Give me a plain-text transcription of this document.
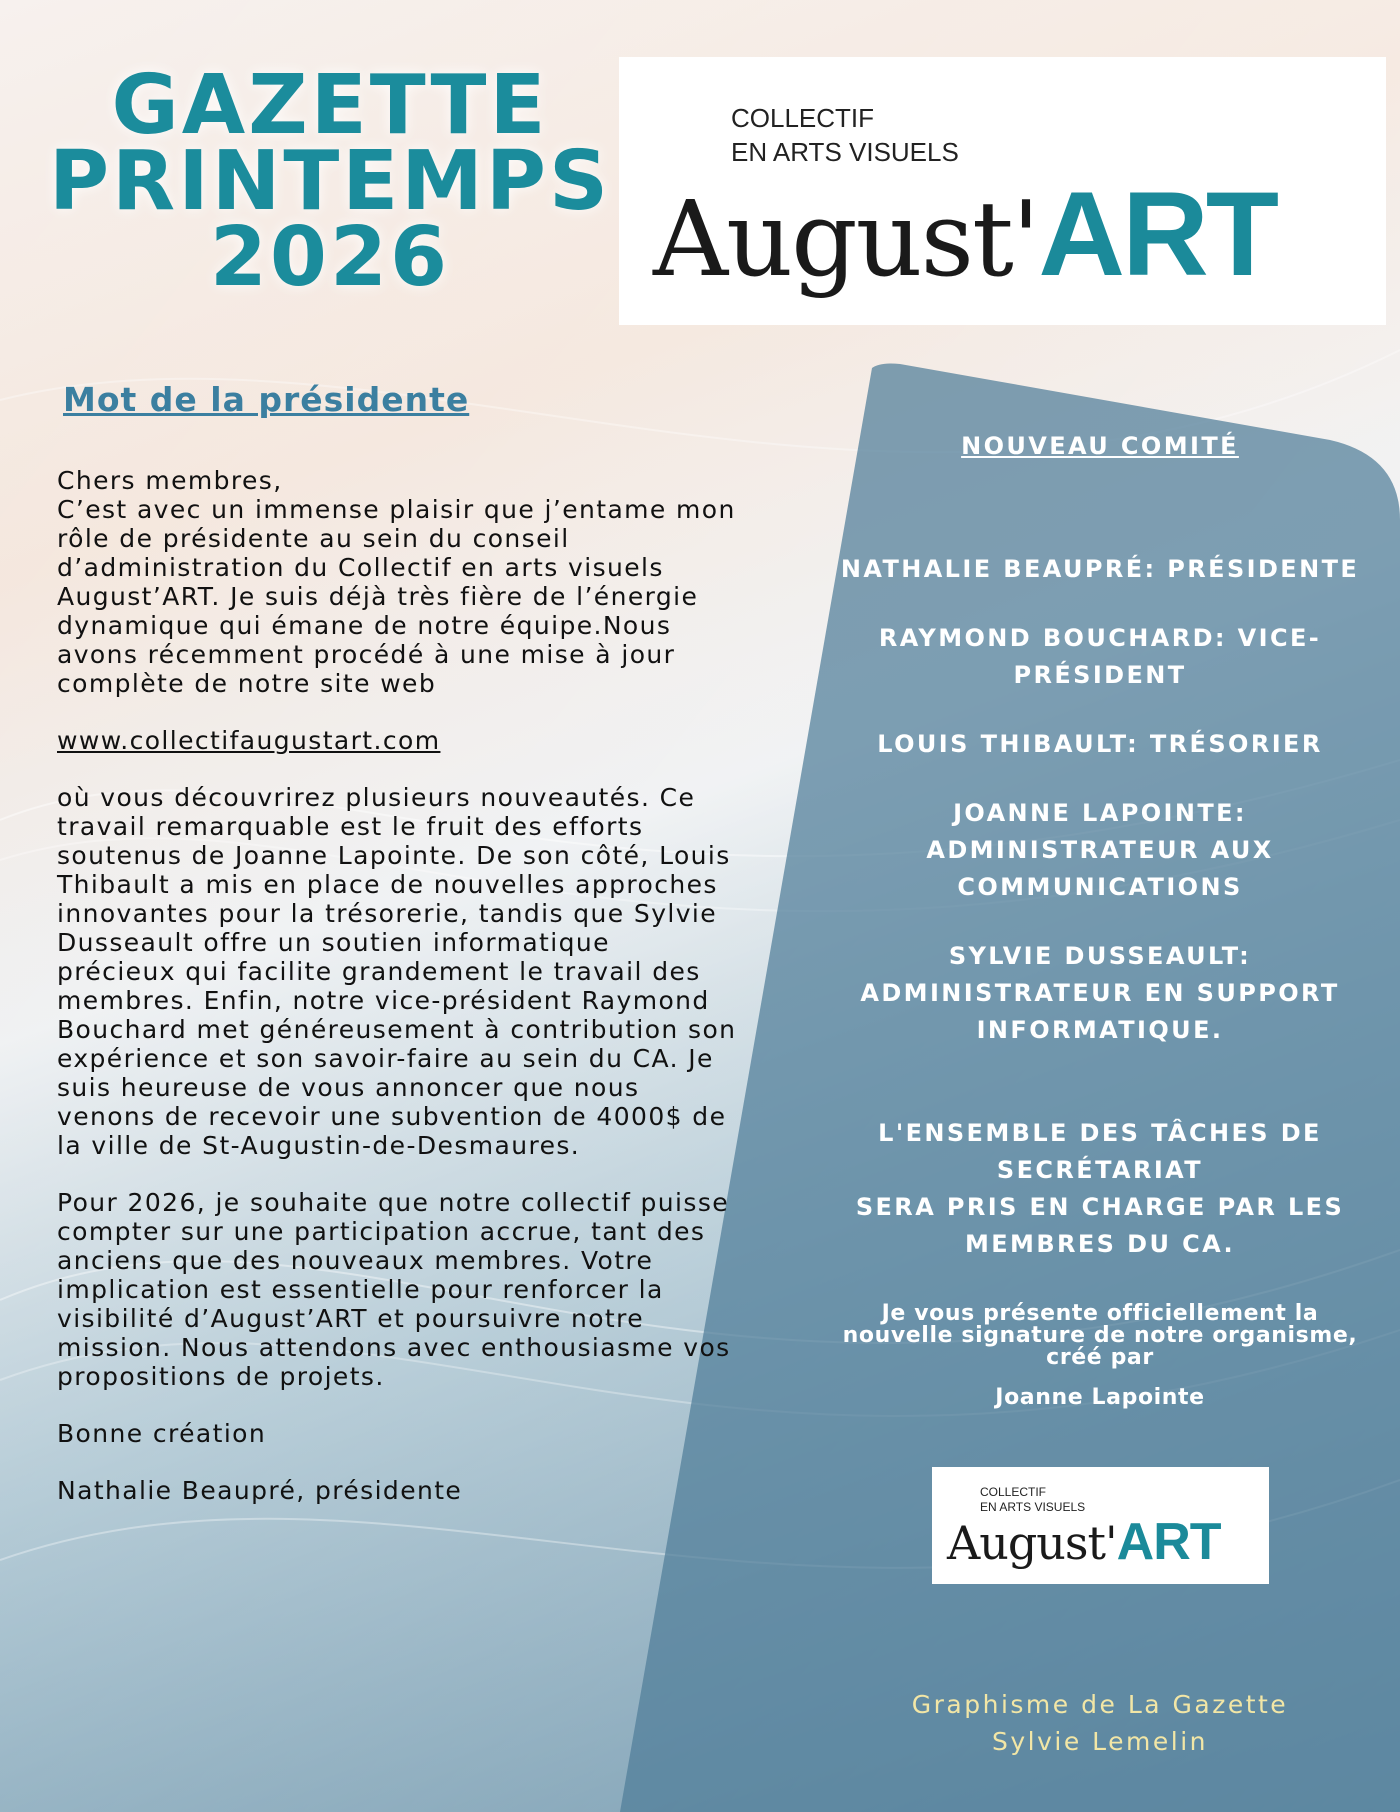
GAZETTE
PRINTEMPS
2026
COLLECTIF
EN ARTS VISUELS
August'ART
Mot de la présidente

Chers membres,

C’est avec un immense plaisir que j’entame mon rôle de présidente au sein du conseil d’administration du Collectif en arts visuels August’ART. Je suis déjà très fière de l’énergie dynamique qui émane de notre équipe.Nous avons récemment procédé à une mise à jour complète de notre site web

www.collectifaugustart.com

où vous découvrirez plusieurs nouveautés. Ce travail remarquable est le fruit des efforts soutenus de Joanne Lapointe. De son côté, Louis Thibault a mis en place de nouvelles approches innovantes pour la trésorerie, tandis que Sylvie Dusseault offre un soutien informatique précieux qui facilite grandement le travail des membres. Enfin, notre vice-président Raymond Bouchard met généreusement à contribution son expérience et son savoir-faire au sein du CA. Je suis heureuse de vous annoncer que nous venons de recevoir une subvention de 4000$ de la ville de St-Augustin-de-Desmaures.

Pour 2026, je souhaite que notre collectif puisse compter sur une participation accrue, tant des anciens que des nouveaux membres. Votre implication est essentielle pour renforcer la visibilité d’August’ART et poursuivre notre mission. Nous attendons avec enthousiasme vos propositions de projets.

Bonne création

Nathalie Beaupré, présidente

NOUVEAU COMITÉ
NATHALIE BEAUPRÉ: PRÉSIDENTE
RAYMOND BOUCHARD: VICE-PRÉSIDENT
LOUIS THIBAULT: TRÉSORIER
JOANNE LAPOINTE: ADMINISTRATEUR AUX COMMUNICATIONS
SYLVIE DUSSEAULT: ADMINISTRATEUR EN SUPPORT INFORMATIQUE.
L'ENSEMBLE DES TÂCHES DE SECRÉTARIAT
SERA PRIS EN CHARGE PAR LES MEMBRES DU CA.
Je vous présente officiellement la nouvelle signature de notre organisme, créé par
Joanne Lapointe
COLLECTIF
EN ARTS VISUELS
August'ART
Graphisme de La Gazette
Sylvie Lemelin
